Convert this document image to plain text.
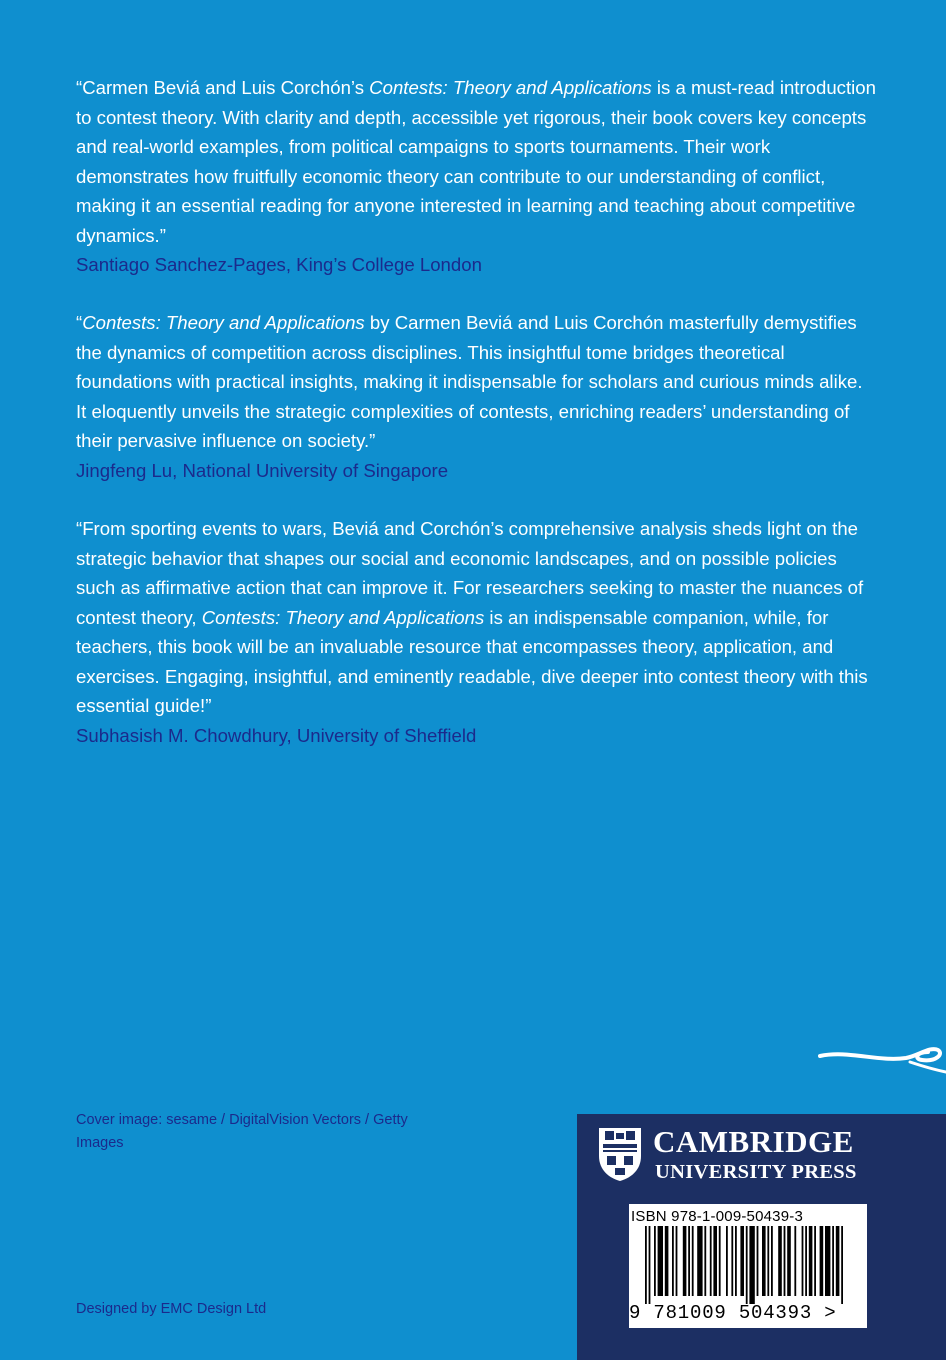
“Carmen Beviá and Luis Corchón’s Contests: Theory and Applications is a must-read introduction to contest theory. With clarity and depth, accessible yet rigorous, their book covers key concepts and real-world examples, from political campaigns to sports tournaments. Their work demonstrates how fruitfully economic theory can contribute to our understanding of conflict, making it an essential reading for anyone interested in learning and teaching about competitive dynamics.”

Santiago Sanchez-Pages, King’s College London

“Contests: Theory and Applications by Carmen Beviá and Luis Corchón masterfully demystifies the dynamics of competition across disciplines. This insightful tome bridges theoretical foundations with practical insights, making it indispensable for scholars and curious minds alike. It eloquently unveils the strategic complexities of contests, enriching readers’ understanding of their pervasive influence on society.”

Jingfeng Lu, National University of Singapore

“From sporting events to wars, Beviá and Corchón’s comprehensive analysis sheds light on the strategic behavior that shapes our social and economic landscapes, and on possible policies such as affirmative action that can improve it. For researchers seeking to master the nuances of contest theory, Contests: Theory and Applications is an indispensable companion, while, for teachers, this book will be an invaluable resource that encompasses theory, application, and exercises. Engaging, insightful, and eminently readable, dive deeper into contest theory with this essential guide!”

Subhasish M. Chowdhury, University of Sheffield

Cover image: sesame / DigitalVision Vectors / Getty Images
Designed by EMC Design Ltd
CAMBRIDGE
UNIVERSITY PRESS
ISBN 978-1-009-50439-3
9 781009 504393 >
